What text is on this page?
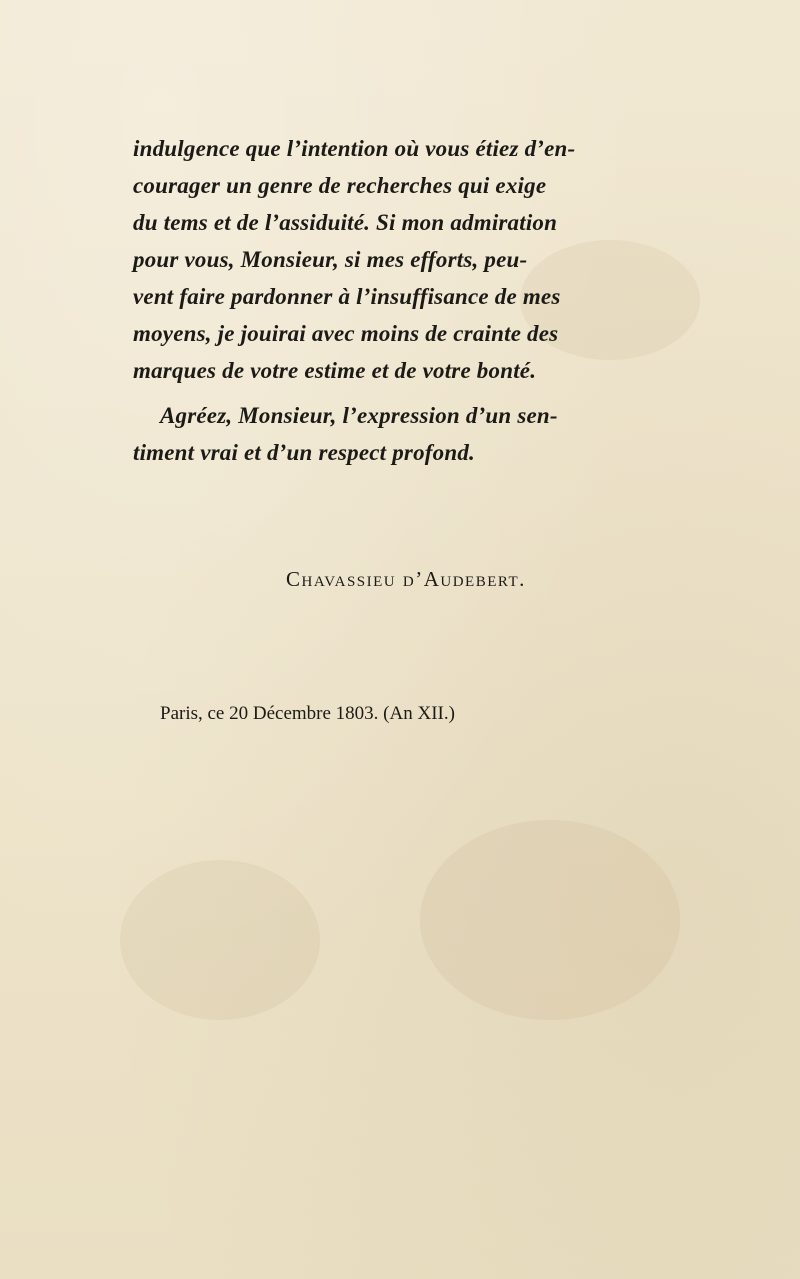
indulgence que l’intention où vous étiez d’en-
courager un genre de recherches qui exige
du tems et de l’assiduité. Si mon admiration
pour vous, Monsieur, si mes efforts, peu-
vent faire pardonner à l’insuffisance de mes
moyens, je jouirai avec moins de crainte des
marques de votre estime et de votre bonté.
Agréez, Monsieur, l’expression d’un sen-
timent vrai et d’un respect profond.
Chavassieu d’Audebert.
Paris, ce 20 Décembre 1803. (An XII.)
